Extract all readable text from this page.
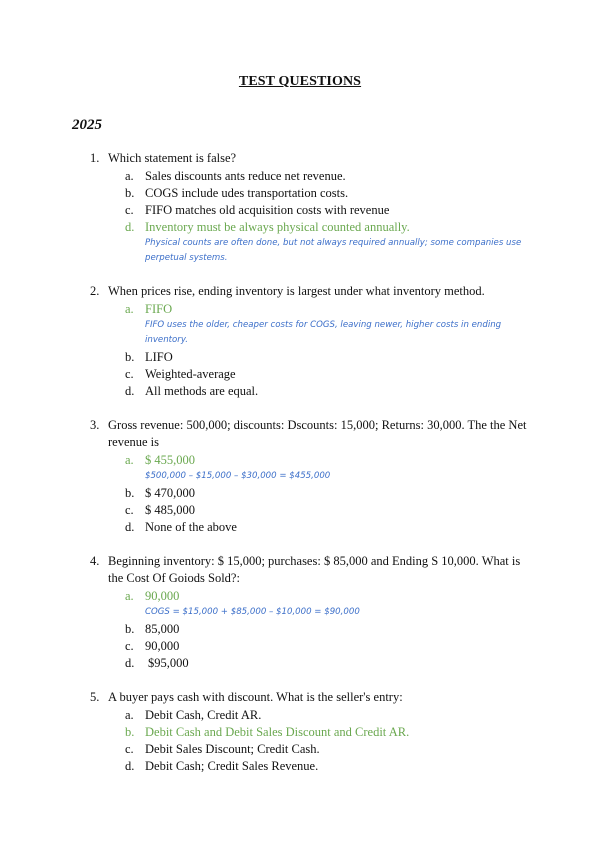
TEST QUESTIONS
2025
1. Which statement is false?
a. Sales discounts ants reduce net revenue.
b. COGS include udes transportation costs.
c. FIFO matches old acquisition costs with revenue
d. Inventory must be always physical counted annually.
Physical counts are often done, but not always required annually; some companies use perpetual systems.
2. When prices rise, ending inventory is largest under what inventory method.
a. FIFO
FIFO uses the older, cheaper costs for COGS, leaving newer, higher costs in ending inventory.
b. LIFO
c. Weighted-average
d. All methods are equal.
3. Gross revenue: 500,000; discounts: Dscounts: 15,000; Returns: 30,000. The the Net revenue is
a. $ 455,000
$500,000 – $15,000 – $30,000 = $455,000
b. $ 470,000
c. $ 485,000
d. None of the above
4. Beginning inventory: $ 15,000; purchases: $ 85,000 and Ending S 10,000. What is the Cost Of Goiods Sold?:
a. 90,000
COGS = $15,000 + $85,000 – $10,000 = $90,000
b. 85,000
c. 90,000
d. $95,000
5. A buyer pays cash with discount. What is the seller's entry:
a. Debit Cash, Credit AR.
b. Debit Cash and Debit Sales Discount and Credit AR.
c. Debit Sales Discount; Credit Cash.
d. Debit Cash; Credit Sales Revenue.
